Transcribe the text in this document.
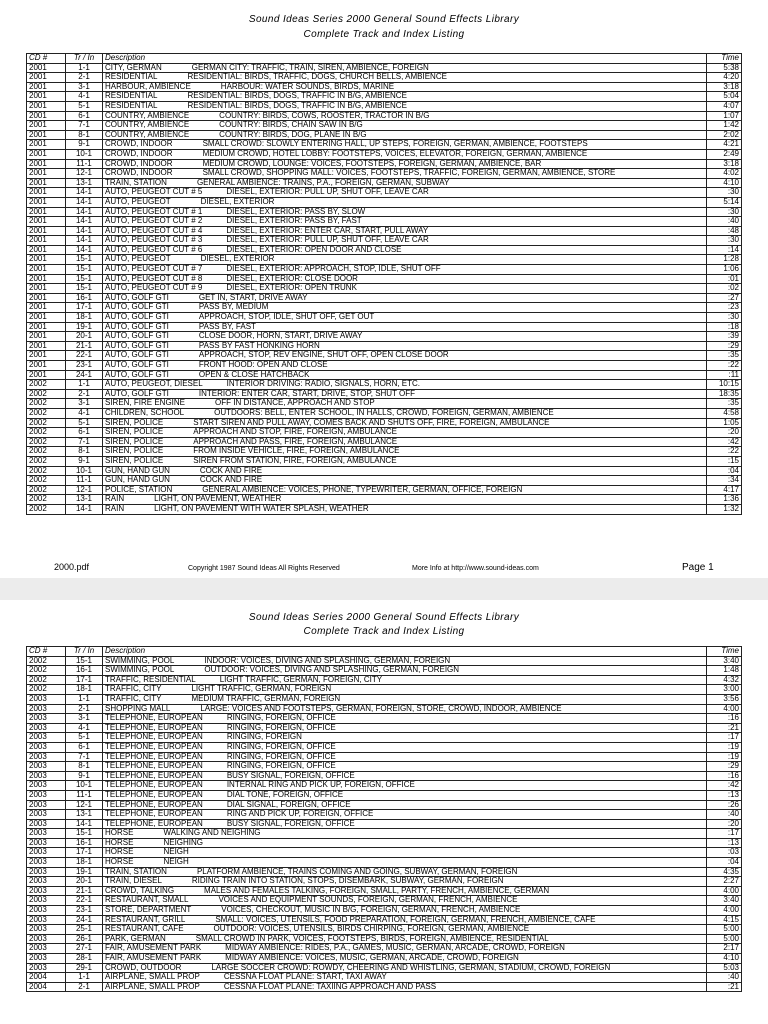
Sound Ideas Series 2000 General Sound Effects Library
Complete Track and Index Listing
CD #	Tr / In	Description	Time
2001	1-1	CITY, GERMAN GERMAN CITY: TRAFFIC, TRAIN, SIREN, AMBIENCE, FOREIGN	5:38
2001	2-1	RESIDENTIAL RESIDENTIAL: BIRDS, TRAFFIC, DOGS, CHURCH BELLS, AMBIENCE	4:20
2001	3-1	HARBOUR, AMBIENCE HARBOUR: WATER SOUNDS, BIRDS, MARINE	3:18
2001	4-1	RESIDENTIAL RESIDENTIAL: BIRDS, DOGS, TRAFFIC IN B/G, AMBIENCE	5:04
2001	5-1	RESIDENTIAL RESIDENTIAL: BIRDS, DOGS, TRAFFIC IN B/G, AMBIENCE	4:07
2001	6-1	COUNTRY, AMBIENCE COUNTRY: BIRDS, COWS, ROOSTER, TRACTOR IN B/G	1:07
2001	7-1	COUNTRY, AMBIENCE COUNTRY: BIRDS, CHAIN SAW IN B/G	1:42
2001	8-1	COUNTRY, AMBIENCE COUNTRY: BIRDS, DOG, PLANE IN B/G	2:02
2001	9-1	CROWD, INDOOR SMALL CROWD: SLOWLY ENTERING HALL, UP STEPS, FOREIGN, GERMAN, AMBIENCE, FOOTSTEPS	4:21
2001	10-1	CROWD, INDOOR MEDIUM CROWD, HOTEL LOBBY: FOOTSTEPS, VOICES, ELEVATOR, FOREIGN, GERMAN, AMBIENCE	2:49
2001	11-1	CROWD, INDOOR MEDIUM CROWD, LOUNGE: VOICES, FOOTSTEPS, FOREIGN, GERMAN, AMBIENCE, BAR	3:18
2001	12-1	CROWD, INDOOR SMALL CROWD, SHOPPING MALL: VOICES, FOOTSTEPS, TRAFFIC, FOREIGN, GERMAN, AMBIENCE, STORE	4:02
2001	13-1	TRAIN, STATION GENERAL AMBIENCE: TRAINS, P.A., FOREIGN, GERMAN, SUBWAY	4:10
2001	14-1	AUTO, PEUGEOT CUT # 5 DIESEL, EXTERIOR: PULL UP, SHUT OFF, LEAVE CAR	:30
2001	14-1	AUTO, PEUGEOT DIESEL, EXTERIOR	5:14
2001	14-1	AUTO, PEUGEOT CUT # 1 DIESEL, EXTERIOR: PASS BY, SLOW	:30
2001	14-1	AUTO, PEUGEOT CUT # 2 DIESEL, EXTERIOR: PASS BY, FAST	:40
2001	14-1	AUTO, PEUGEOT CUT # 4 DIESEL, EXTERIOR: ENTER CAR, START, PULL AWAY	:48
2001	14-1	AUTO, PEUGEOT CUT # 3 DIESEL, EXTERIOR: PULL UP, SHUT OFF, LEAVE CAR	:30
2001	14-1	AUTO, PEUGEOT CUT # 6 DIESEL, EXTERIOR: OPEN DOOR AND CLOSE	:14
2001	15-1	AUTO, PEUGEOT DIESEL, EXTERIOR	1:28
2001	15-1	AUTO, PEUGEOT CUT # 7 DIESEL, EXTERIOR: APPROACH, STOP, IDLE, SHUT OFF	1:06
2001	15-1	AUTO, PEUGEOT CUT # 8 DIESEL, EXTERIOR: CLOSE DOOR	:01
2001	15-1	AUTO, PEUGEOT CUT # 9 DIESEL, EXTERIOR: OPEN TRUNK	:02
2001	16-1	AUTO, GOLF GTI GET IN, START, DRIVE AWAY	:27
2001	17-1	AUTO, GOLF GTI PASS BY, MEDIUM	:23
2001	18-1	AUTO, GOLF GTI APPROACH, STOP, IDLE, SHUT OFF, GET OUT	:30
2001	19-1	AUTO, GOLF GTI PASS BY, FAST	:18
2001	20-1	AUTO, GOLF GTI CLOSE DOOR, HORN, START, DRIVE AWAY	:39
2001	21-1	AUTO, GOLF GTI PASS BY FAST HONKING HORN	:29
2001	22-1	AUTO, GOLF GTI APPROACH, STOP, REV ENGINE, SHUT OFF, OPEN CLOSE DOOR	:35
2001	23-1	AUTO, GOLF GTI FRONT HOOD: OPEN AND CLOSE	:22
2001	24-1	AUTO, GOLF GTI OPEN & CLOSE HATCHBACK	:11
2002	1-1	AUTO, PEUGEOT, DIESEL INTERIOR DRIVING: RADIO, SIGNALS, HORN, ETC.	10:15
2002	2-1	AUTO, GOLF GTI INTERIOR: ENTER CAR, START, DRIVE, STOP, SHUT OFF	18:35
2002	3-1	SIREN, FIRE ENGINE OFF IN DISTANCE, APPROACH AND STOP	:35
2002	4-1	CHILDREN, SCHOOL OUTDOORS: BELL, ENTER SCHOOL, IN HALLS, CROWD, FOREIGN, GERMAN, AMBIENCE	4:58
2002	5-1	SIREN, POLICE START SIREN AND PULL AWAY, COMES BACK AND SHUTS OFF, FIRE, FOREIGN, AMBULANCE	1:05
2002	6-1	SIREN, POLICE APPROACH AND STOP, FIRE, FOREIGN, AMBULANCE	:20
2002	7-1	SIREN, POLICE APPROACH AND PASS, FIRE, FOREIGN, AMBULANCE	:42
2002	8-1	SIREN, POLICE FROM INSIDE VEHICLE, FIRE, FOREIGN, AMBULANCE	:22
2002	9-1	SIREN, POLICE SIREN FROM STATION, FIRE, FOREIGN, AMBULANCE	:15
2002	10-1	GUN, HAND GUN COCK AND FIRE	:04
2002	11-1	GUN, HAND GUN COCK AND FIRE	:34
2002	12-1	POLICE, STATION GENERAL AMBIENCE: VOICES, PHONE, TYPEWRITER, GERMAN, OFFICE, FOREIGN	4:17
2002	13-1	RAIN LIGHT, ON PAVEMENT, WEATHER	1:36
2002	14-1	RAIN LIGHT, ON PAVEMENT WITH WATER SPLASH, WEATHER	1:32
2000.pdf	Copyright 1987 Sound Ideas All Rights Reserved	More Info at http://www.sound-ideas.com	Page 1
Sound Ideas Series 2000 General Sound Effects Library
Complete Track and Index Listing
CD #	Tr / In	Description	Time
2002	15-1	SWIMMING, POOL INDOOR: VOICES, DIVING AND SPLASHING, GERMAN, FOREIGN	3:40
2002	16-1	SWIMMING, POOL OUTDOOR: VOICES, DIVING AND SPLASHING, GERMAN, FOREIGN	1:48
2002	17-1	TRAFFIC, RESIDENTIAL LIGHT TRAFFIC, GERMAN, FOREIGN, CITY	4:32
2002	18-1	TRAFFIC, CITY LIGHT TRAFFIC, GERMAN, FOREIGN	3:00
2003	1-1	TRAFFIC, CITY MEDIUM TRAFFIC, GERMAN, FOREIGN	3:56
2003	2-1	SHOPPING MALL LARGE: VOICES AND FOOTSTEPS, GERMAN, FOREIGN, STORE, CROWD, INDOOR, AMBIENCE	4:00
2003	3-1	TELEPHONE, EUROPEAN RINGING, FOREIGN, OFFICE	:16
2003	4-1	TELEPHONE, EUROPEAN RINGING, FOREIGN, OFFICE	:21
2003	5-1	TELEPHONE, EUROPEAN RINGING, FOREIGN	:17
2003	6-1	TELEPHONE, EUROPEAN RINGING, FOREIGN, OFFICE	:19
2003	7-1	TELEPHONE, EUROPEAN RINGING, FOREIGN, OFFICE	:19
2003	8-1	TELEPHONE, EUROPEAN RINGING, FOREIGN, OFFICE	:29
2003	9-1	TELEPHONE, EUROPEAN BUSY SIGNAL, FOREIGN, OFFICE	:16
2003	10-1	TELEPHONE, EUROPEAN INTERNAL RING AND PICK UP, FOREIGN, OFFICE	:42
2003	11-1	TELEPHONE, EUROPEAN DIAL TONE, FOREIGN, OFFICE	:13
2003	12-1	TELEPHONE, EUROPEAN DIAL SIGNAL, FOREIGN, OFFICE	:26
2003	13-1	TELEPHONE, EUROPEAN RING AND PICK UP, FOREIGN, OFFICE	:40
2003	14-1	TELEPHONE, EUROPEAN BUSY SIGNAL, FOREIGN, OFFICE	:20
2003	15-1	HORSE WALKING AND NEIGHING	:17
2003	16-1	HORSE NEIGHING	:13
2003	17-1	HORSE NEIGH	:03
2003	18-1	HORSE NEIGH	:04
2003	19-1	TRAIN, STATION PLATFORM AMBIENCE, TRAINS COMING AND GOING, SUBWAY, GERMAN, FOREIGN	4:35
2003	20-1	TRAIN, DIESEL RIDING TRAIN INTO STATION, STOPS, DISEMBARK, SUBWAY, GERMAN, FOREIGN	2:27
2003	21-1	CROWD, TALKING MALES AND FEMALES TALKING, FOREIGN, SMALL, PARTY, FRENCH, AMBIENCE, GERMAN	4:00
2003	22-1	RESTAURANT, SMALL VOICES AND EQUIPMENT SOUNDS, FOREIGN, GERMAN, FRENCH, AMBIENCE	3:40
2003	23-1	STORE, DEPARTMENT VOICES, CHECKOUT, MUSIC IN B/G, FOREIGN, GERMAN, FRENCH, AMBIENCE	4:00
2003	24-1	RESTAURANT, GRILL SMALL: VOICES, UTENSILS, FOOD PREPARATION, FOREIGN, GERMAN, FRENCH, AMBIENCE, CAFE	4:15
2003	25-1	RESTAURANT, CAFE OUTDOOR: VOICES, UTENSILS, BIRDS CHIRPING, FOREIGN, GERMAN, AMBIENCE	5:00
2003	26-1	PARK, GERMAN SMALL CROWD IN PARK, VOICES, FOOTSTEPS, BIRDS, FOREIGN, AMBIENCE, RESIDENTIAL	5:00
2003	27-1	FAIR, AMUSEMENT PARK MIDWAY AMBIENCE: RIDES, P.A., GAMES, MUSIC, GERMAN, ARCADE, CROWD, FOREIGN	2:17
2003	28-1	FAIR, AMUSEMENT PARK MIDWAY AMBIENCE: VOICES, MUSIC, GERMAN, ARCADE, CROWD, FOREIGN	4:10
2003	29-1	CROWD, OUTDOOR LARGE SOCCER CROWD: ROWDY, CHEERING AND WHISTLING, GERMAN, STADIUM, CROWD, FOREIGN	5:03
2004	1-1	AIRPLANE, SMALL PROP CESSNA FLOAT PLANE: START, TAXI AWAY	:40
2004	2-1	AIRPLANE, SMALL PROP CESSNA FLOAT PLANE: TAXIING APPROACH AND PASS	:21
